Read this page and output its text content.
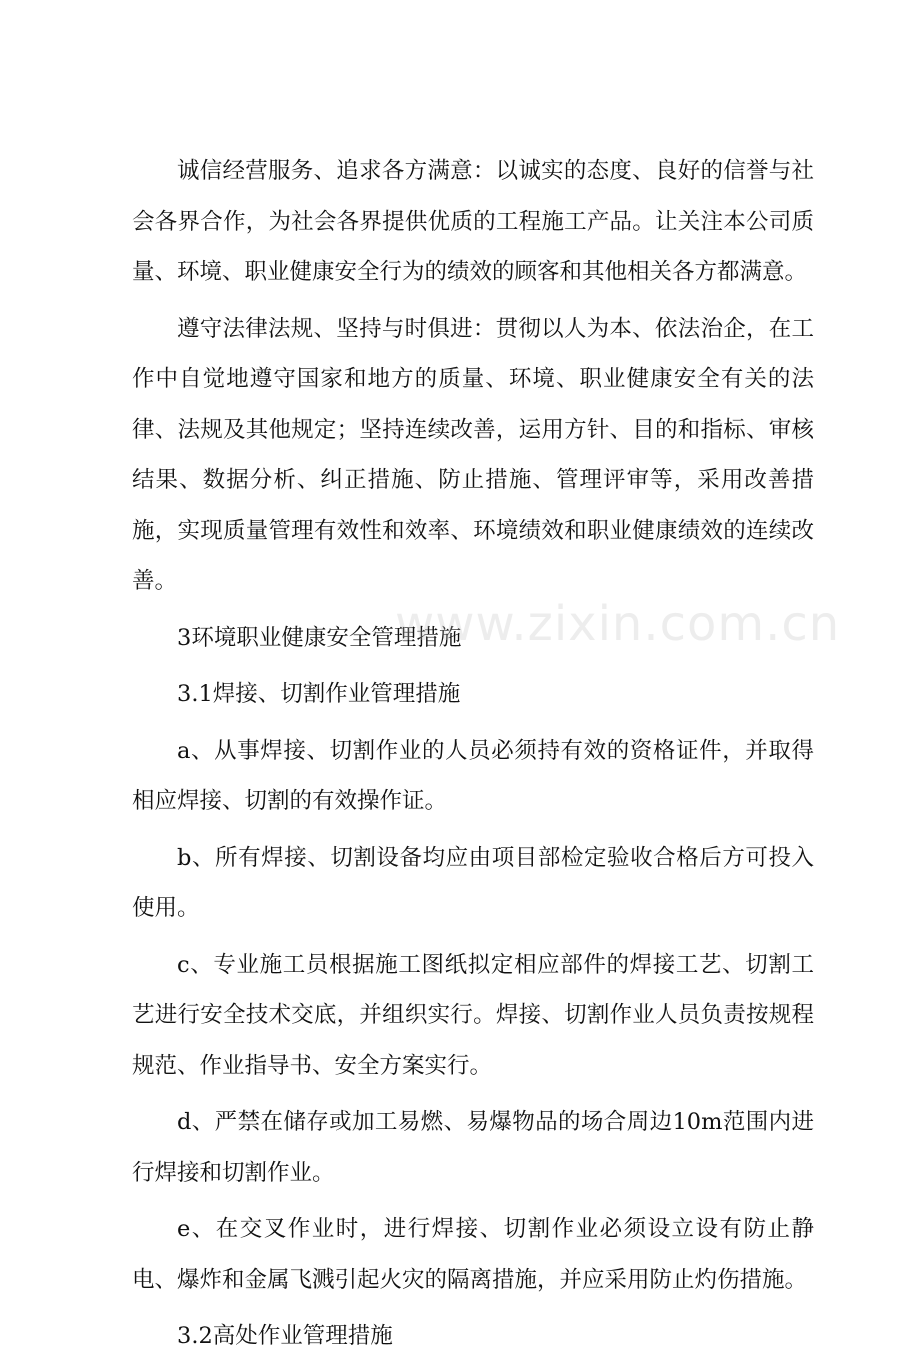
诚信经营服务、追求各方满意：以诚实的态度、良好的信誉与社会各界合作，为社会各界提供优质的工程施工产品。让关注本公司质量、环境、职业健康安全行为的绩效的顾客和其他相关各方都满意。

遵守法律法规、坚持与时俱进：贯彻以人为本、依法治企，在工作中自觉地遵守国家和地方的质量、环境、职业健康安全有关的法律、法规及其他规定；坚持连续改善，运用方针、目的和指标、审核结果、数据分析、纠正措施、防止措施、管理评审等，采用改善措施，实现质量管理有效性和效率、环境绩效和职业健康绩效的连续改善。

3环境职业健康安全管理措施

3.1焊接、切割作业管理措施

a、从事焊接、切割作业的人员必须持有效的资格证件，并取得相应焊接、切割的有效操作证。

b、所有焊接、切割设备均应由项目部检定验收合格后方可投入使用。

c、专业施工员根据施工图纸拟定相应部件的焊接工艺、切割工艺进行安全技术交底，并组织实行。焊接、切割作业人员负责按规程规范、作业指导书、安全方案实行。

d、严禁在储存或加工易燃、易爆物品的场合周边10m范围内进行焊接和切割作业。

e、在交叉作业时，进行焊接、切割作业必须设立设有防止静电、爆炸和金属飞溅引起火灾的隔离措施，并应采用防止灼伤措施。

3.2高处作业管理措施

www.zixin.com.cn
